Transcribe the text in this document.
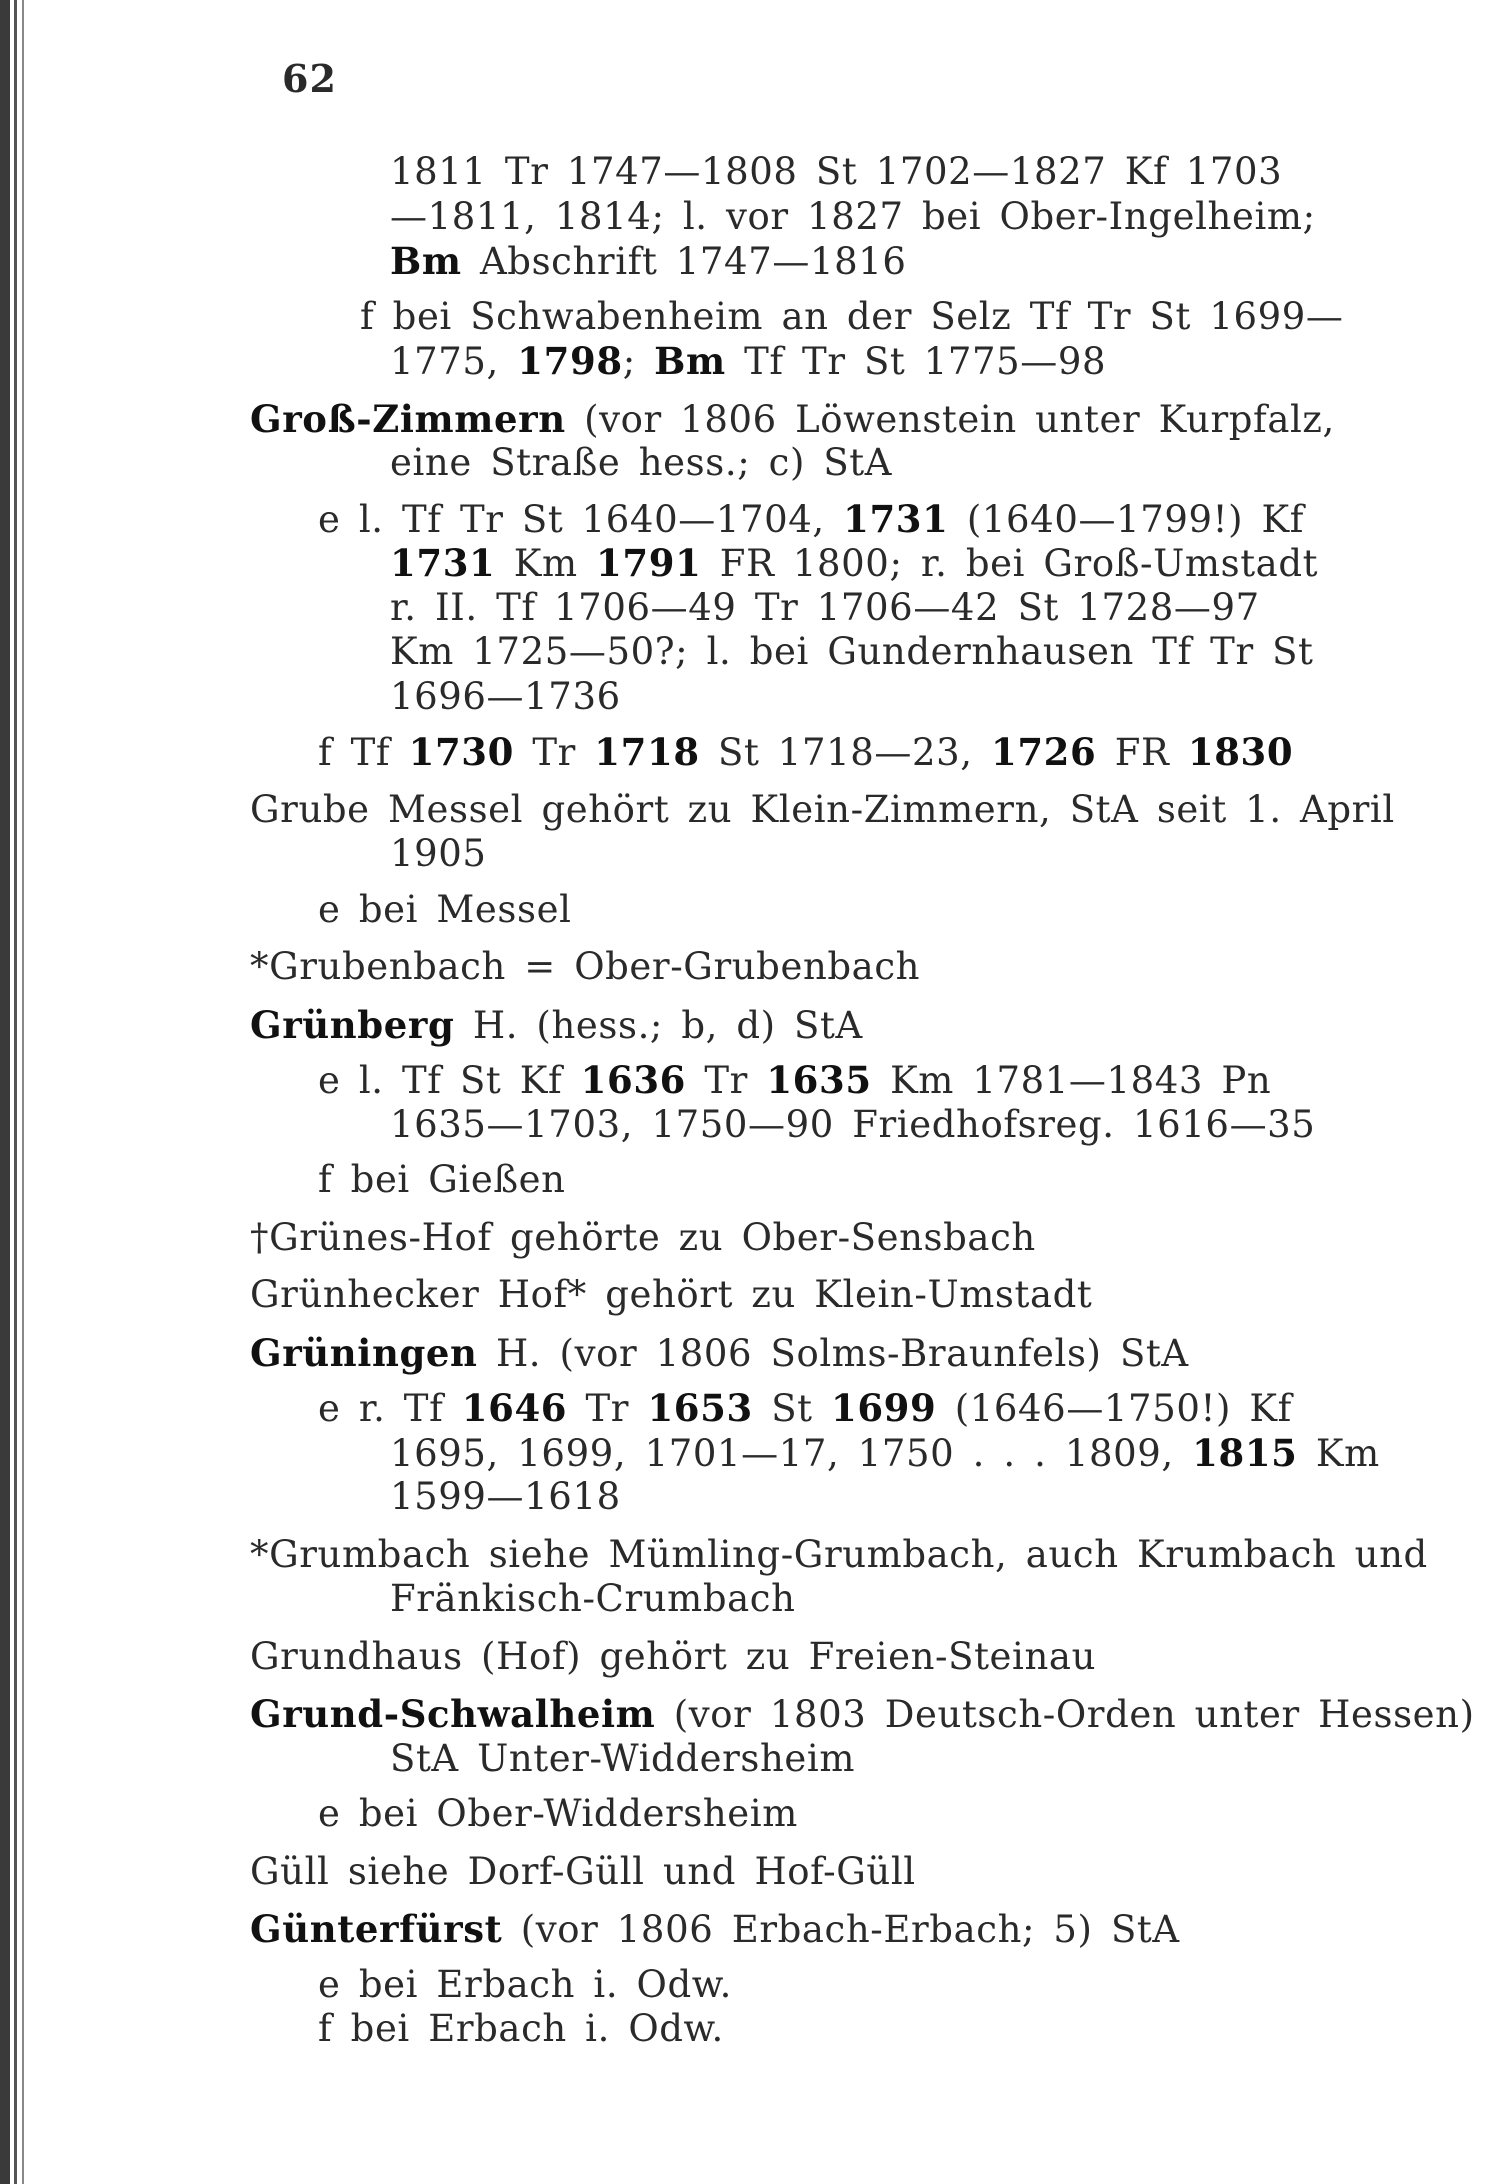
62
1811 Tr 1747—1808 St 1702—1827 Kf 1703
—1811, 1814; l. vor 1827 bei Ober-Ingelheim;
Bm Abschrift 1747—1816
f bei Schwabenheim an der Selz Tf Tr St 1699—
1775, 1798; Bm Tf Tr St 1775—98
Groß-Zimmern (vor 1806 Löwenstein unter Kurpfalz,
eine Straße hess.; c) StA
e l. Tf Tr St 1640—1704, 1731 (1640—1799!) Kf
1731 Km 1791 FR 1800; r. bei Groß-Umstadt
r. II. Tf 1706—49 Tr 1706—42 St 1728—97
Km 1725—50?; l. bei Gundernhausen Tf Tr St
1696—1736
f Tf 1730 Tr 1718 St 1718—23, 1726 FR 1830
Grube Messel gehört zu Klein-Zimmern, StA seit 1. April
1905
e bei Messel
*Grubenbach = Ober-Grubenbach
Grünberg H. (hess.; b, d) StA
e l. Tf St Kf 1636 Tr 1635 Km 1781—1843 Pn
1635—1703, 1750—90 Friedhofsreg. 1616—35
f bei Gießen
†Grünes-Hof gehörte zu Ober-Sensbach
Grünhecker Hof* gehört zu Klein-Umstadt
Grüningen H. (vor 1806 Solms-Braunfels) StA
e r. Tf 1646 Tr 1653 St 1699 (1646—1750!) Kf
1695, 1699, 1701—17, 1750 . . . 1809, 1815 Km
1599—1618
*Grumbach siehe Mümling-Grumbach, auch Krumbach und
Fränkisch-Crumbach
Grundhaus (Hof) gehört zu Freien-Steinau
Grund-Schwalheim (vor 1803 Deutsch-Orden unter Hessen)
StA Unter-Widdersheim
e bei Ober-Widdersheim
Güll siehe Dorf-Güll und Hof-Güll
Günterfürst (vor 1806 Erbach-Erbach; 5) StA
e bei Erbach i. Odw.
f bei Erbach i. Odw.
